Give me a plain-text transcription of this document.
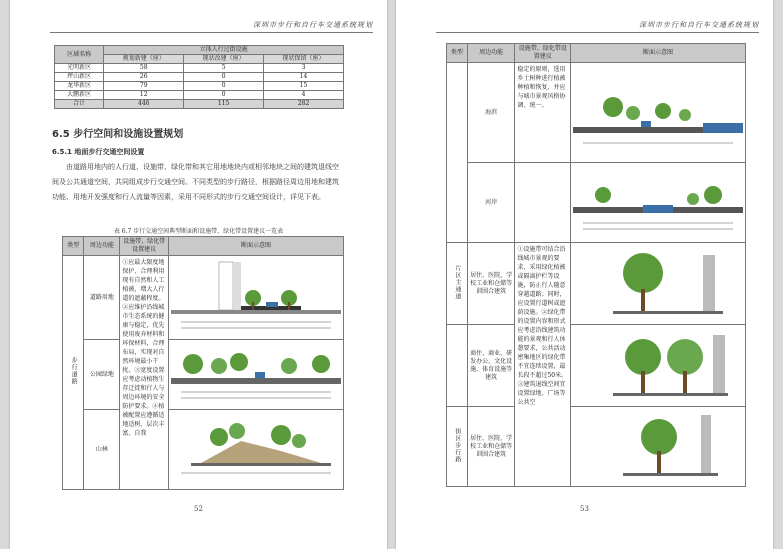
深圳市步行和自行车交通系统规划
区域名称	立体人行过街设施		
	规划新建（座）	现状改建（座）	现状保留（座）
光明新区	58	5	3
坪山新区	26	0	14
龙华新区	79	0	15
大鹏新区	12	0	4
合计	446	115	282
6.5 步行空间和设施设置规划
6.5.1 地面步行交通空间设置
由道路用地内的人行道、设施带、绿化带和其它用地地块内或相邻地块之间的建筑退线空间及公共通道空间，共同组成步行交通空间。不同类型的步行路径，根据路径周边用地和建筑功能、用地开发强度和行人流量等因素，采用不同形式的步行交通空间设计，详见下表。
表 6.7 步行交通空间典型断面和设施带、绿化带设置建议一览表
类型	周边功能	设施带、绿化带设置建议	断面示意图
步行道路	道路用地	①应最大限度地保护、合理利用现有自然和人工植被，增大人行道的遮蔽程度。②应维护沿线城市生态系统的健康与稳定，优先使用废弃材料和环保材料，合理布局，实现对自然环境最小干扰。③宽度设置应考虑动植物生存迁徙和行人与周边环境的安全防护要求。④植被配置应遵循适地适树、层次丰富、自我	

	公园绿地	

	山林	
52
深圳市步行和自行车交通系统规划
类型	周边功能	设施带、绿化带设置建议	断面示意图
	海滨	稳定的原则，选用乡土树种进行植被种植和恢复，并应与城市景观风格协调、统一。	

	河岸		

片区主通道	居住、医院、学校工业和仓储等训围合建筑	①设施带可结合沿线城市景观的要求，采用绿化植被或隔离护栏等设施，防止行人随意穿越道路；同时，应设置行道树或遮荫设施。②绿化带的设置内容和形式应考虑沿线建筑功能的景观和行人休憩要求，公共活动密集地区的绿化带不宜连续设置，最长段不超过50米。③建筑退线空间宜设置绿地、广场等公共空	

	商住、商业、研发办公、文化设施、体育设施等建筑	

街区步行路	居住、医院、学校工业和仓储等训围合建筑	
53
